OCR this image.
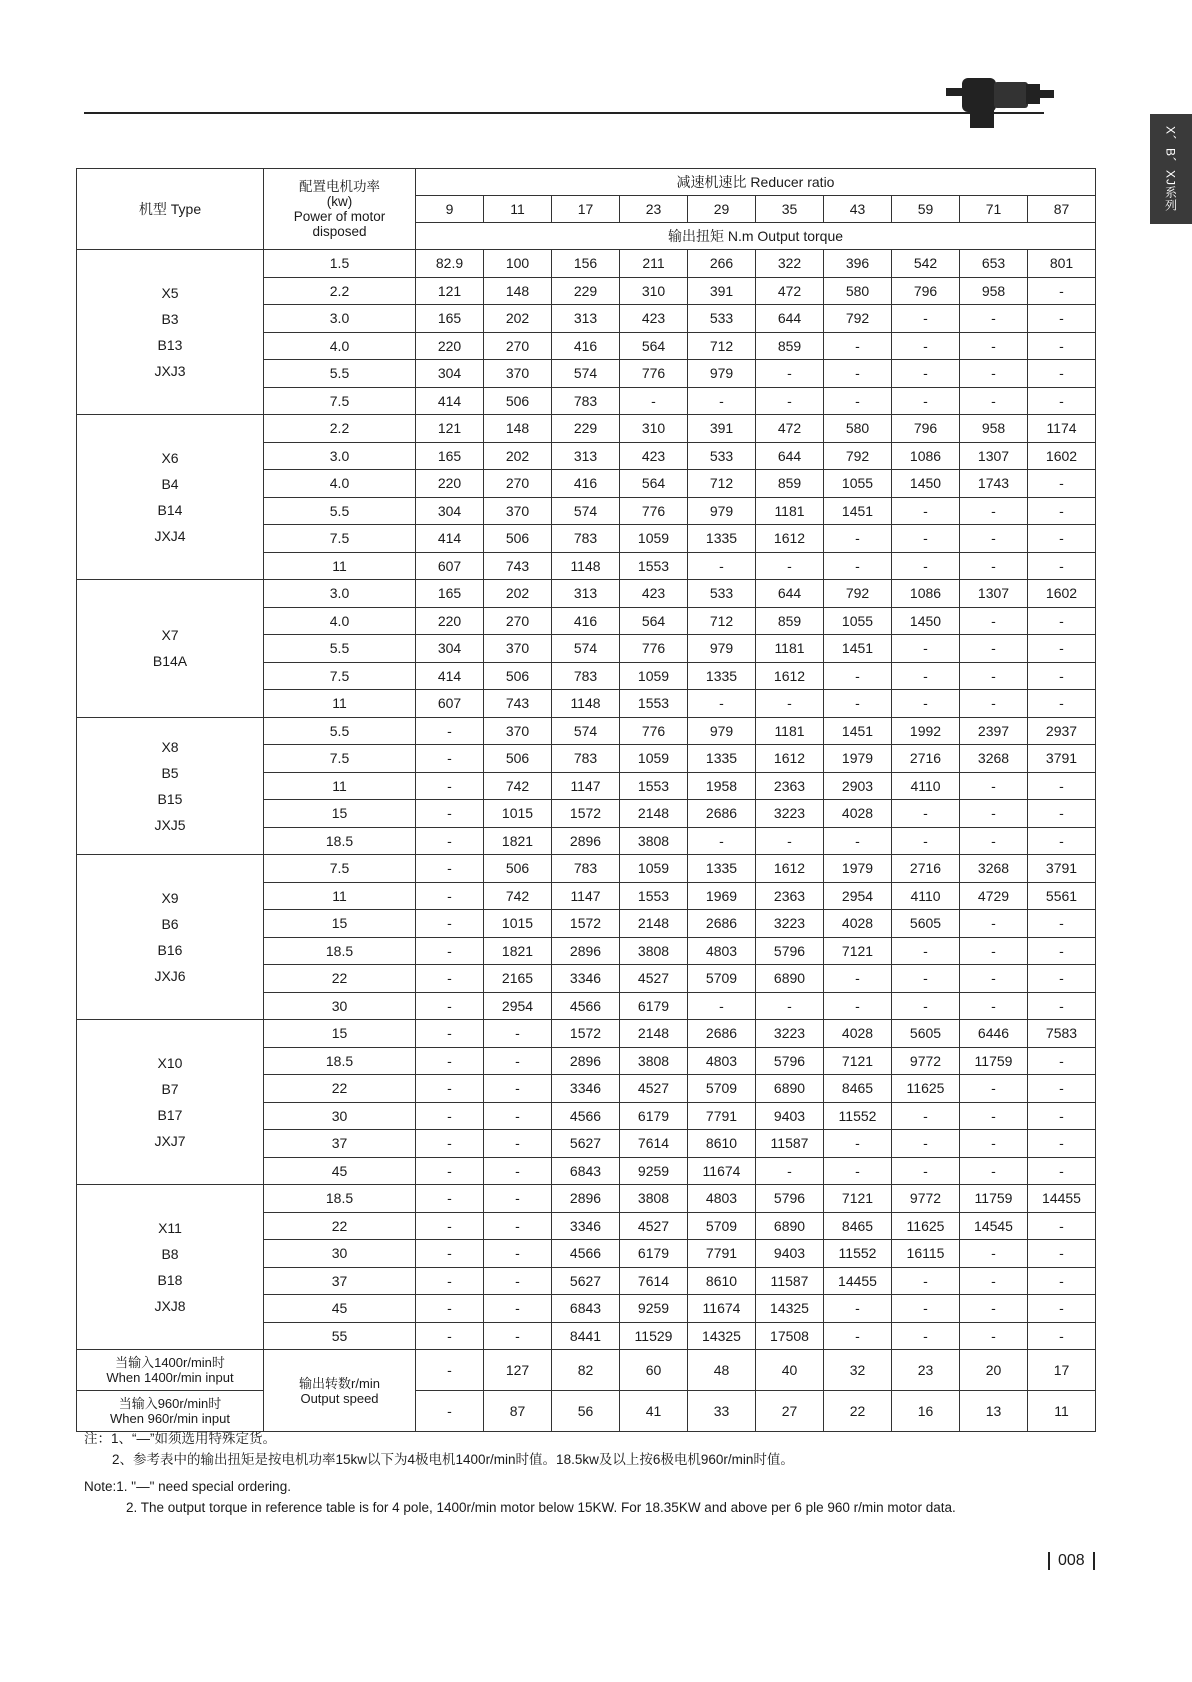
X、B、XJ系列
机型 Type	配置电机功率
(kw)
Power of motor
disposed	减速机速比 Reducer ratio									
		9	11	17	23	29	35	43	59	71	87
		输出扭矩 N.m Output torque									

X5
B3
B13
JXJ3	1.5	82.9	100	156	211	266	322	396	542	653	801
	2.2	121	148	229	310	391	472	580	796	958	-
	3.0	165	202	313	423	533	644	792	-	-	-
	4.0	220	270	416	564	712	859	-	-	-	-
	5.5	304	370	574	776	979	-	-	-	-	-
	7.5	414	506	783	-	-	-	-	-	-	-

X6
B4
B14
JXJ4	2.2	121	148	229	310	391	472	580	796	958	1174
	3.0	165	202	313	423	533	644	792	1086	1307	1602
	4.0	220	270	416	564	712	859	1055	1450	1743	-
	5.5	304	370	574	776	979	1181	1451	-	-	-
	7.5	414	506	783	1059	1335	1612	-	-	-	-
	11	607	743	1148	1553	-	-	-	-	-	-

X7
B14A	3.0	165	202	313	423	533	644	792	1086	1307	1602
	4.0	220	270	416	564	712	859	1055	1450	-	-
	5.5	304	370	574	776	979	1181	1451	-	-	-
	7.5	414	506	783	1059	1335	1612	-	-	-	-
	11	607	743	1148	1553	-	-	-	-	-	-

X8
B5
B15
JXJ5	5.5	-	370	574	776	979	1181	1451	1992	2397	2937
	7.5	-	506	783	1059	1335	1612	1979	2716	3268	3791
	11	-	742	1147	1553	1958	2363	2903	4110	-	-
	15	-	1015	1572	2148	2686	3223	4028	-	-	-
	18.5	-	1821	2896	3808	-	-	-	-	-	-

X9
B6
B16
JXJ6	7.5	-	506	783	1059	1335	1612	1979	2716	3268	3791
	11	-	742	1147	1553	1969	2363	2954	4110	4729	5561
	15	-	1015	1572	2148	2686	3223	4028	5605	-	-
	18.5	-	1821	2896	3808	4803	5796	7121	-	-	-
	22	-	2165	3346	4527	5709	6890	-	-	-	-
	30	-	2954	4566	6179	-	-	-	-	-	-

X10
B7
B17
JXJ7	15	-	-	1572	2148	2686	3223	4028	5605	6446	7583
	18.5	-	-	2896	3808	4803	5796	7121	9772	11759	-
	22	-	-	3346	4527	5709	6890	8465	11625	-	-
	30	-	-	4566	6179	7791	9403	11552	-	-	-
	37	-	-	5627	7614	8610	11587	-	-	-	-
	45	-	-	6843	9259	11674	-	-	-	-	-

X11
B8
B18
JXJ8	18.5	-	-	2896	3808	4803	5796	7121	9772	11759	14455
	22	-	-	3346	4527	5709	6890	8465	11625	14545	-
	30	-	-	4566	6179	7791	9403	11552	16115	-	-
	37	-	-	5627	7614	8610	11587	14455	-	-	-
	45	-	-	6843	9259	11674	14325	-	-	-	-
	55	-	-	8441	11529	14325	17508	-	-	-	-

当输入1400r/min时
When 1400r/min input	输出转数r/min
Output speed	-	127	82	60	48	40	32	23	20	17

当输入960r/min时
When 960r/min input		-	87	56	41	33	27	22	16	13	11
注：1、“—”如须选用特殊定货。
2、参考表中的输出扭矩是按电机功率15kw以下为4极电机1400r/min时值。18.5kw及以上按6极电机960r/min时值。
Note:1. "—" need special ordering.
2. The output torque in reference table is for 4 pole, 1400r/min motor below 15KW. For 18.35KW and above per 6 ple 960 r/min motor data.
008
